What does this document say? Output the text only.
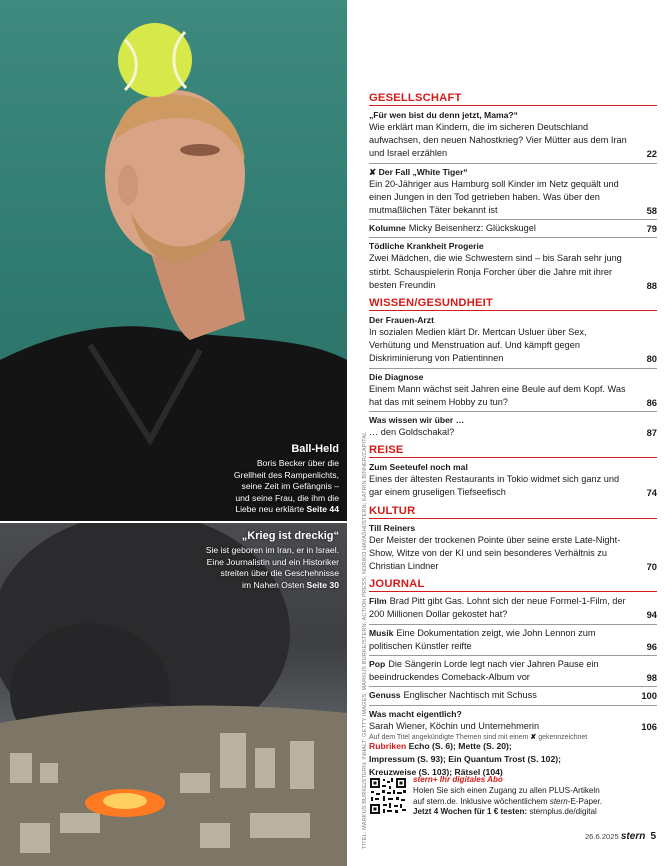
Ball-Held
Boris Becker über die
Grellheit des Rampenlichts,
seine Zeit im Gefängnis –
und seine Frau, die ihm die
Liebe neu erklärte Seite 44
„Krieg ist dreckig“
Sie ist geboren im Iran, er in Israel.
Eine Journalistin und ein Historiker
streiten über die Geschehnisse
im Nahen Osten Seite 30	TITEL: MARKUS BURKE/STERN; INHALT: GETTY IMAGES; MARKUS BURKE/STERN; ACTION PRESS; NORIKO HAYASHI/STERN; KATRIN BINNER/CAPITAL
GESELLSCHAFT
„Für wen bist du denn jetzt, Mama?“
Wie erklärt man Kindern, die im sicheren Deutschland aufwachsen, den neuen Nahostkrieg? Vier Mütter aus dem Iran und Israel erzählen	22
✘ Der Fall „White Tiger“
Ein 20-Jähriger aus Hamburg soll Kinder im Netz gequält und einen Jungen in den Tod getrieben haben. Was über den mutmaßlichen Täter bekannt ist	58
Kolumne Micky Beisenherz: Glückskugel	79
Tödliche Krankheit Progerie
Zwei Mädchen, die wie Schwestern sind – bis Sarah sehr jung stirbt. Schauspielerin Ronja Forcher über die Jahre mit ihrer besten Freundin	88
WISSEN/GESUNDHEIT
Der Frauen-Arzt
In sozialen Medien klärt Dr. Mertcan Usluer über Sex, Verhütung und Menstruation auf. Und kämpft gegen Diskriminierung von Patientinnen	80
Die Diagnose
Einem Mann wächst seit Jahren eine Beule auf dem Kopf. Was hat das mit seinem Hobby zu tun?	86
Was wissen wir über …
… den Goldschakal?	87
REISE
Zum Seeteufel noch mal
Eines der ältesten Restaurants in Tokio widmet sich ganz und gar einem gruseligen Tiefseefisch	74
KULTUR
Till Reiners
Der Meister der trockenen Pointe über seine erste Late-Night-Show, Witze von der KI und sein besonderes Verhältnis zu Christian Lindner	70
JOURNAL
Film Brad Pitt gibt Gas. Lohnt sich der neue Formel-1-Film, der 200 Millionen Dollar gekostet hat?	94
Musik Eine Dokumentation zeigt, wie John Lennon zum politischen Künstler reifte	96
Pop Die Sängerin Lorde legt nach vier Jahren Pause ein beeindruckendes Comeback-Album vor	98
Genuss Englischer Nachtisch mit Schuss	100
Was macht eigentlich?
Sarah Wiener, Köchin und Unternehmerin	106
Rubriken Echo (S. 6); Mette (S. 20);
Impressum (S. 93); Ein Quantum Trost (S. 102);
Kreuzweise (S. 103); Rätsel (104)
Auf dem Titel angekündigte Themen sind mit einem ✘ gekennzeichnet
stern+ Ihr digitales Abo
Holen Sie sich einen Zugang zu allen PLUS-Artikeln
auf stern.de. Inklusive wöchentlichem stern-E-Paper.
Jetzt 4 Wochen für 1 € testen: sternplus.de/digital
26.6.2025 stern 5
